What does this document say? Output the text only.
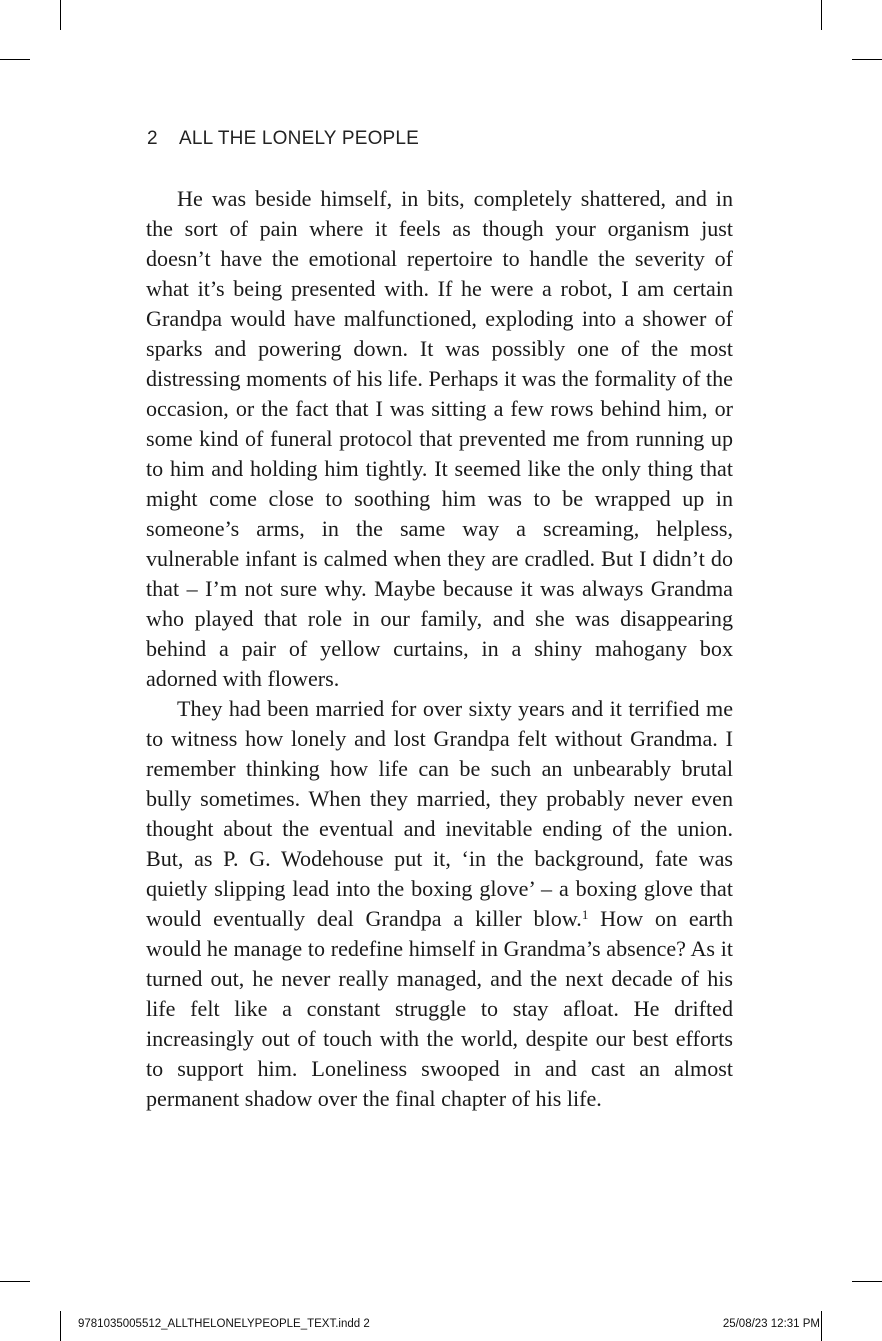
2 ALL THE LONELY PEOPLE

He was beside himself, in bits, completely shattered, and in the sort of pain where it feels as though your organism just doesn’t have the emotional repertoire to handle the severity of what it’s being presented with. If he were a robot, I am certain Grandpa would have malfunctioned, exploding into a shower of sparks and powering down. It was possibly one of the most distressing moments of his life. Perhaps it was the formality of the occasion, or the fact that I was sitting a few rows behind him, or some kind of funeral protocol that prevented me from running up to him and holding him tightly. It seemed like the only thing that might come close to soothing him was to be wrapped up in someone’s arms, in the same way a screaming, helpless, vulnerable infant is calmed when they are cradled. But I didn’t do that – I’m not sure why. Maybe because it was always Grandma who played that role in our family, and she was disappearing behind a pair of yellow curtains, in a shiny mahogany box adorned with flowers.

They had been married for over sixty years and it terrified me to witness how lonely and lost Grandpa felt without Grandma. I remember thinking how life can be such an unbearably brutal bully sometimes. When they married, they probably never even thought about the eventual and inevitable ending of the union. But, as P. G. Wodehouse put it, ‘in the background, fate was quietly slipping lead into the boxing glove’ – a boxing glove that would eventually deal Grandpa a killer blow.$^1$ How on earth would he manage to redefine himself in Grandma’s absence? As it turned out, he never really managed, and the next decade of his life felt like a constant struggle to stay afloat. He drifted increasingly out of touch with the world, despite our best efforts to support him. Loneliness swooped in and cast an almost permanent shadow over the final chapter of his life.

9781035005512_ALLTHELONELYPEOPLE_TEXT.indd 2	25/08/23 12:31 PM
